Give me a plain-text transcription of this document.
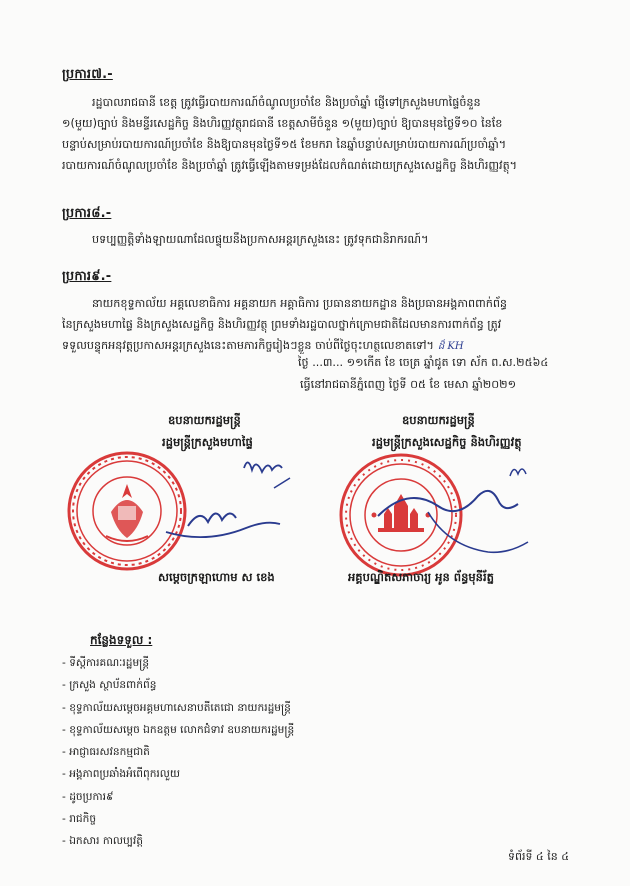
ប្រការ៧.-
រដ្ឋបាលរាជធានី ខេត្ត ត្រូវធ្វើរបាយការណ៍ចំណូលប្រចាំខែ និងប្រចាំឆ្នាំ ផ្ញើទៅក្រសួងមហាផ្ទៃចំនួន
១(មួយ)ច្បាប់ និងមន្ទីរសេដ្ឋកិច្ច និងហិរញ្ញវត្ថុរាជធានី ខេត្តសាមីចំនួន ១(មួយ)ច្បាប់ ឱ្យបានមុនថ្ងៃទី១០ នៃខែ
បន្ទាប់សម្រាប់របាយការណ៍ប្រចាំខែ និងឱ្យបានមុនថ្ងៃទី១៥ ខែមករា នៃឆ្នាំបន្ទាប់សម្រាប់របាយការណ៍ប្រចាំឆ្នាំ។
របាយការណ៍ចំណូលប្រចាំខែ និងប្រចាំឆ្នាំ ត្រូវធ្វើឡើងតាមទម្រង់ដែលកំណត់ដោយក្រសួងសេដ្ឋកិច្ច និងហិរញ្ញវត្ថុ។
ប្រការ៨.-
បទប្បញ្ញត្តិទាំងឡាយណាដែលផ្ទុយនឹងប្រកាសអន្តរក្រសួងនេះ ត្រូវទុកជានិរាករណ៍។
ប្រការ៩.-
នាយកខុទ្ទកាល័យ អគ្គលេខាធិការ អគ្គនាយក អគ្គាធិការ ប្រធាននាយកដ្ឋាន និងប្រធានអង្គភាពពាក់ព័ន្ធ
នៃក្រសួងមហាផ្ទៃ និងក្រសួងសេដ្ឋកិច្ច និងហិរញ្ញវត្ថុ ព្រមទាំងរដ្ឋបាលថ្នាក់ក្រោមជាតិដែលមានការពាក់ព័ន្ធ ត្រូវ
ទទួលបន្ទុកអនុវត្តប្រកាសអន្តរក្រសួងនេះតាមភារកិច្ចរៀងៗខ្លួន ចាប់ពីថ្ងៃចុះហត្ថលេខាតទៅ។ ដ៏ KH
ថ្ងៃ ...៣... ១១កើត ខែ ចេត្រ ឆ្នាំជូត ទោ ស័ក ព.ស.២៥៦៤
ធ្វើនៅរាជធានីភ្នំពេញ ថ្ងៃទី ០៥ ខែ មេសា ឆ្នាំ២០២១
ឧបនាយករដ្ឋមន្ត្រី
រដ្ឋមន្ត្រីក្រសួងមហាផ្ទៃ
ឧបនាយករដ្ឋមន្ត្រី
រដ្ឋមន្ត្រីក្រសួងសេដ្ឋកិច្ច និងហិរញ្ញវត្ថុ
សម្តេចក្រឡាហោម ស ខេង	អគ្គបណ្ឌិតសភាចារ្យ អូន ព័ន្ធមុនីរ័ត្ន
កន្លែងទទួល :
- ទីស្តីការគណៈរដ្ឋមន្ត្រី
- ក្រសួង ស្ថាប័នពាក់ព័ន្ធ
- ខុទ្ទកាល័យសម្តេចអគ្គមហាសេនាបតីតេជោ នាយករដ្ឋមន្ត្រី
- ខុទ្ទកាល័យសម្តេច ឯកឧត្តម លោកជំទាវ ឧបនាយករដ្ឋមន្ត្រី
- អាជ្ញាធរសវនកម្មជាតិ
- អង្គភាពប្រឆាំងអំពើពុករលួយ
- ដូចប្រការ៩
- រាជកិច្ច
- ឯកសារ កាលប្បវត្តិ
ទំព័រទី ៤ នៃ ៤
